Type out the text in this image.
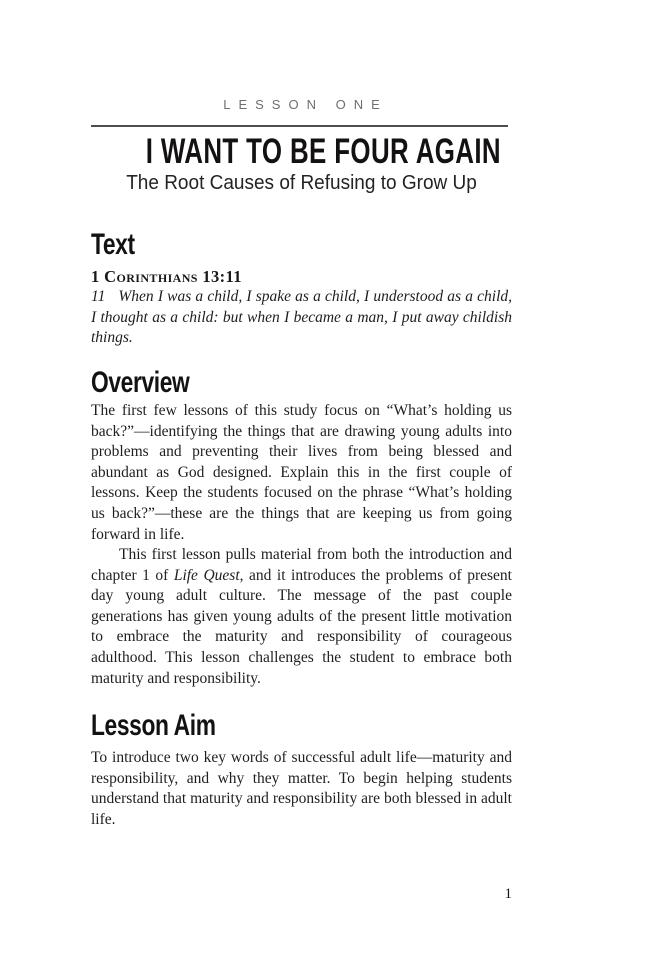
LESSON ONE
I WANT TO BE FOUR AGAIN
The Root Causes of Refusing to Grow Up
Text
1 Corinthians 13:11

11 When I was a child, I spake as a child, I understood as a child, I thought as a child: but when I became a man, I put away childish things.

Overview

The first few lessons of this study focus on “What’s holding us back?”—identifying the things that are drawing young adults into problems and preventing their lives from being blessed and abundant as God designed. Explain this in the first couple of lessons. Keep the students focused on the phrase “What’s holding us back?”—these are the things that are keeping us from going forward in life.

This first lesson pulls material from both the introduction and chapter 1 of Life Quest, and it introduces the problems of present day young adult culture. The message of the past couple generations has given young adults of the present little motivation to embrace the maturity and responsibility of courageous adulthood. This lesson challenges the student to embrace both maturity and responsibility.

Lesson Aim

To introduce two key words of successful adult life—maturity and responsibility, and why they matter. To begin helping students understand that maturity and responsibility are both blessed in adult life.

1
